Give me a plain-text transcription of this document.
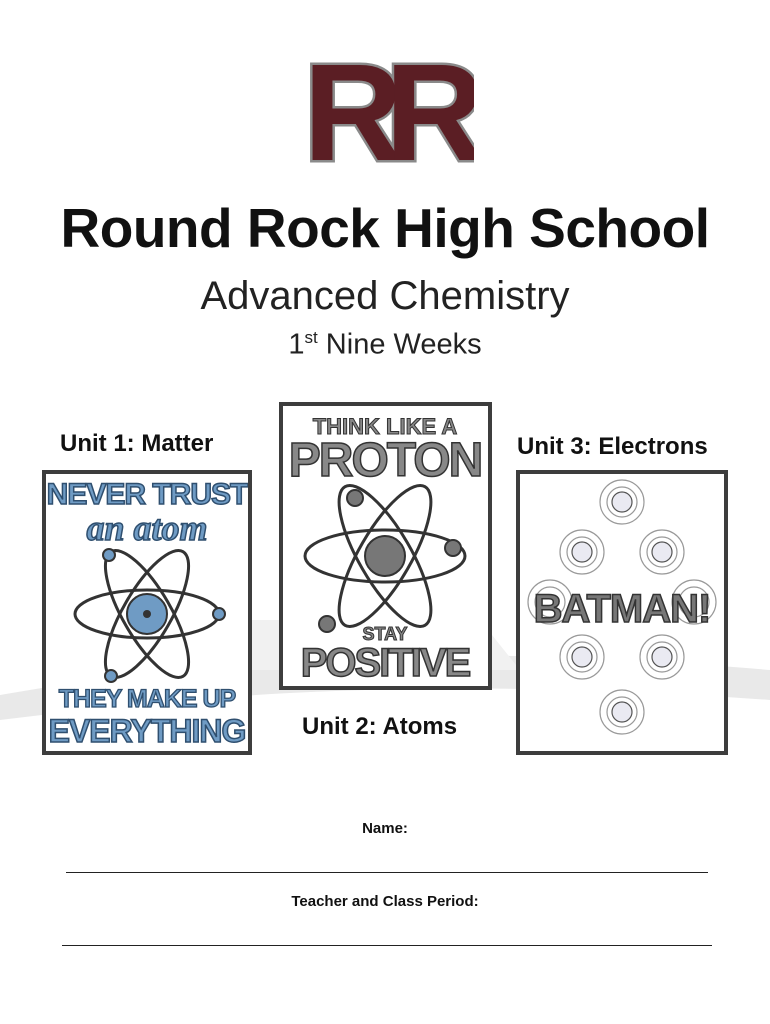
RR
Round Rock High School
Advanced Chemistry
1st Nine Weeks
Unit 1: Matter
Unit 2: Atoms
Unit 3: Electrons
NEVER TRUST
an atom
THEY MAKE UP
EVERYTHING
THINK LIKE A
PROTON
STAY
POSITIVE
BATMAN!
Name:
Teacher and Class Period:
